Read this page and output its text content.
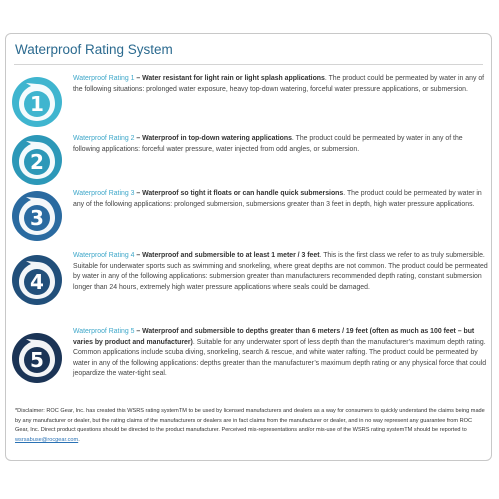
Waterproof Rating System
1

Waterproof Rating 1 – Water resistant for light rain or light splash applications. The product could be permeated by water in any of the following situations: prolonged water exposure, heavy top-down watering, forceful water pressure applications, or submersion.

2

Waterproof Rating 2 – Waterproof in top-down watering applications. The product could be permeated by water in any of the following applications: forceful water pressure, water injected from odd angles, or submersion.

3

Waterproof Rating 3 – Waterproof so tight it floats or can handle quick submersions. The product could be permeated by water in any of the following applications: prolonged submersion, submersions greater than 3 feet in depth, high water pressure applications.

4

Waterproof Rating 4 – Waterproof and submersible to at least 1 meter / 3 feet. This is the first class we refer to as truly submersible. Suitable for underwater sports such as swimming and snorkeling, where great depths are not common. The product could be permeated by water in any of the following applications: submersion greater than manufacturers recommended depth rating, constant submersion longer than 24 hours, extremely high water pressure applications where seals could be damaged.

5

Waterproof Rating 5 – Waterproof and submersible to depths greater than 6 meters / 19 feet (often as much as 100 feet – but varies by product and manufacturer). Suitable for any underwater sport of less depth than the manufacturer’s maximum depth rating. Common applications include scuba diving, snorkeling, search & rescue, and white water rafting. The product could be permeated by water in any of the following applications: depths greater than the manufacturer’s maximum depth rating or any physical force that could jeopardize the water-tight seal.

*Disclaimer: ROC Gear, Inc. has created this WSRS rating systemTM to be used by licensed manufacturers and dealers as a way for consumers to quickly understand the claims being made by any manufacturer or dealer, but the rating claims of the manufacturers or dealers are in fact claims from the manufacturer or dealer, and in no way represent any guarantee from ROC Gear, Inc. Direct product questions should be directed to the product manufacturer. Perceived mis-representations and/or mis-use of the WSRS rating systemTM should be reported to wsrsabuse@rocgear.com.
